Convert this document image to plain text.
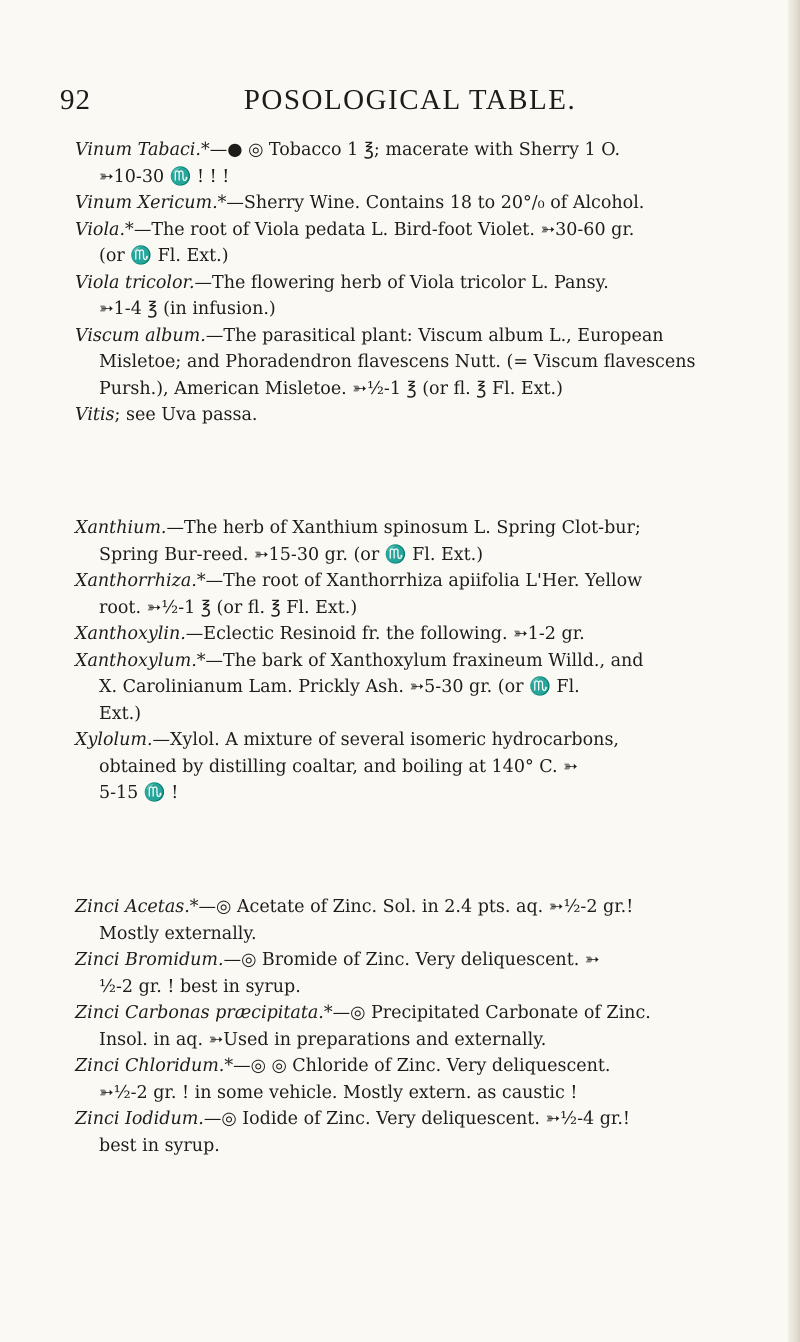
92	POSOLOGICAL TABLE.

Vinum Tabaci.*—● ◎ Tobacco 1 ℥; macerate with Sherry 1 O.

➳10-30 ♏ ! ! !

Vinum Xericum.*—Sherry Wine. Contains 18 to 20°/₀ of Alcohol.

Viola.*—The root of Viola pedata L. Bird-foot Violet. ➳30-60 gr.

(or ♏ Fl. Ext.)

Viola tricolor.—The flowering herb of Viola tricolor L. Pansy.

➳1-4 ℥ (in infusion.)

Viscum album.—The parasitical plant: Viscum album L., European

Misletoe; and Phoradendron flavescens Nutt. (= Viscum flavescens

Pursh.), American Misletoe. ➳½-1 ℥ (or fl. ℥ Fl. Ext.)

Vitis; see Uva passa.

Xanthium.—The herb of Xanthium spinosum L. Spring Clot-bur;

Spring Bur-reed. ➳15-30 gr. (or ♏ Fl. Ext.)

Xanthorrhiza.*—The root of Xanthorrhiza apiifolia L'Her. Yellow

root. ➳½-1 ℥ (or fl. ℥ Fl. Ext.)

Xanthoxylin.—Eclectic Resinoid fr. the following. ➳1-2 gr.

Xanthoxylum.*—The bark of Xanthoxylum fraxineum Willd., and

X. Carolinianum Lam. Prickly Ash. ➳5-30 gr. (or ♏ Fl.

Ext.)

Xylolum.—Xylol. A mixture of several isomeric hydrocarbons,

obtained by distilling coaltar, and boiling at 140° C. ➳

5-15 ♏ !

Zinci Acetas.*—◎ Acetate of Zinc. Sol. in 2.4 pts. aq. ➳½-2 gr.!

Mostly externally.

Zinci Bromidum.—◎ Bromide of Zinc. Very deliquescent. ➳

½-2 gr. ! best in syrup.

Zinci Carbonas præcipitata.*—◎ Precipitated Carbonate of Zinc.

Insol. in aq. ➳Used in preparations and externally.

Zinci Chloridum.*—◎ ◎ Chloride of Zinc. Very deliquescent.

➳½-2 gr. ! in some vehicle. Mostly extern. as caustic !

Zinci Iodidum.—◎ Iodide of Zinc. Very deliquescent. ➳½-4 gr.!

best in syrup.
